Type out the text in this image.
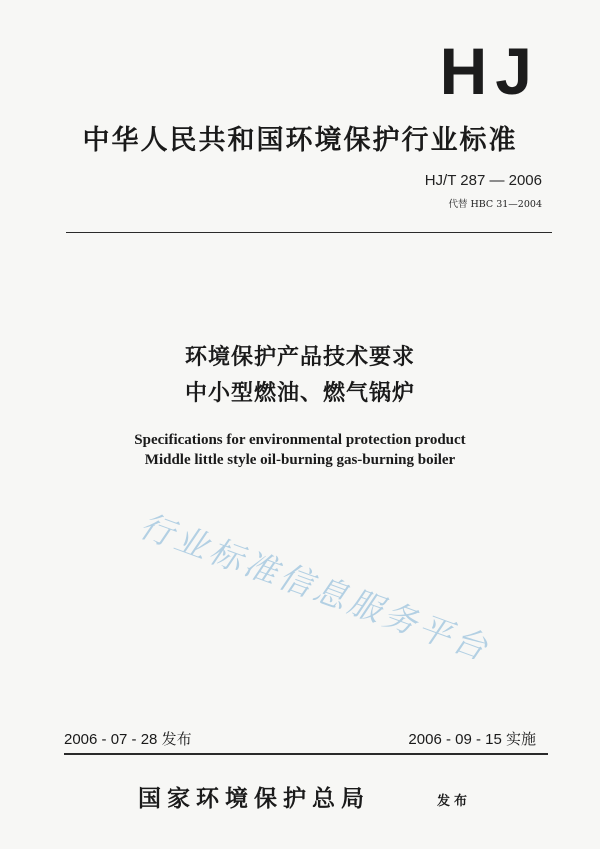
HJ
中华人民共和国环境保护行业标准
HJ/T 287 — 2006
代替 HBC 31—2004
环境保护产品技术要求
中小型燃油、燃气锅炉
Specifications for environmental protection product
Middle little style oil-burning gas-burning boiler
行业标准信息服务平台
2006 - 07 - 28 发布	2006 - 09 - 15 实施
国家环境保护总局	发布
